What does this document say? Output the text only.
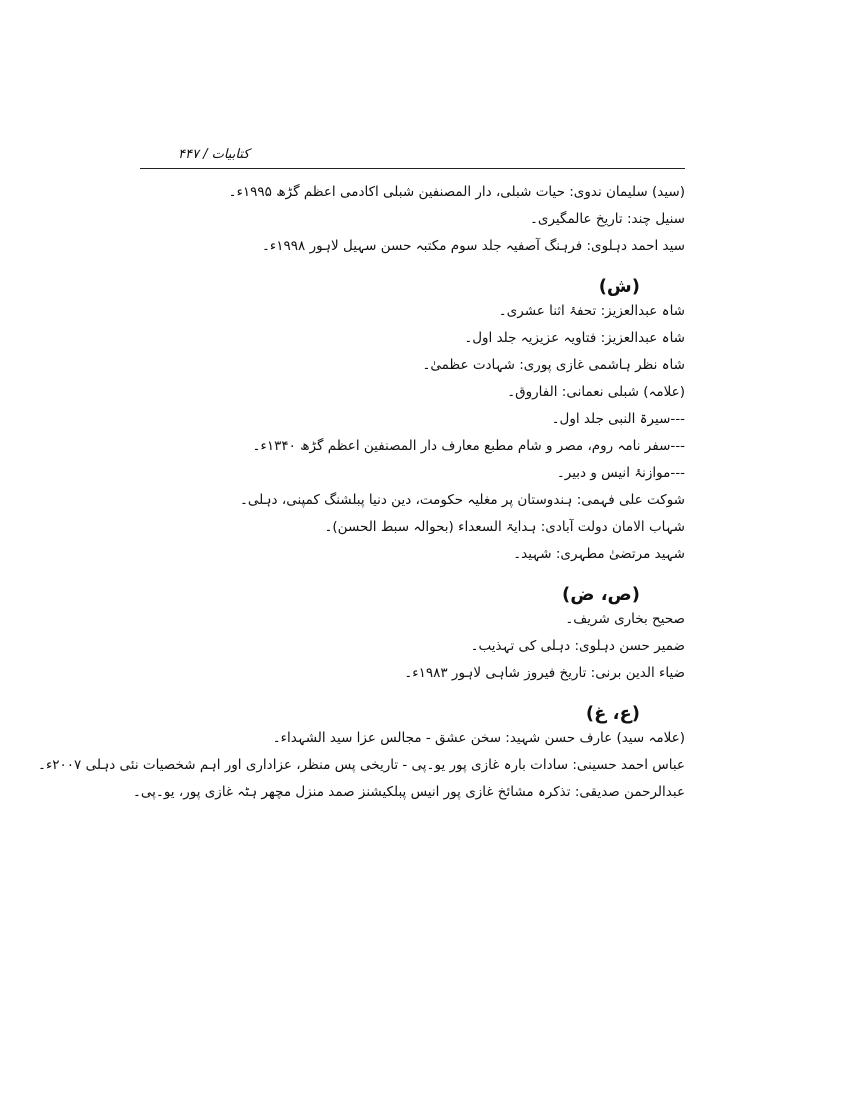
کتابیات / ۴۴۷
(سید) سلیمان ندوی: حیات شبلی، دار المصنفین شبلی اکادمی اعظم گڑھ ۱۹۹۵ء۔
سنیل چند: تاریخ عالمگیری۔
سید احمد دہلوی: فرہنگ آصفیہ جلد سوم مکتبہ حسن سہیل لاہور ۱۹۹۸ء۔
(ش)
شاہ عبدالعزیز: تحفۂ اثنا عشری۔
شاہ عبدالعزیز: فتاویہ عزیزیہ جلد اول۔
شاہ نظر ہاشمی غازی پوری: شہادت عظمیٰ۔
(علامہ) شبلی نعمانی: الفاروق۔
---سیرۃ النبی جلد اول۔
---سفر نامہ روم، مصر و شام مطبع معارف دار المصنفین اعظم گڑھ ۱۳۴۰ء۔
---موازنۂ انیس و دبیر۔
شوکت علی فہمی: ہندوستان پر مغلیہ حکومت، دین دنیا پبلشنگ کمپنی، دہلی۔
شہاب الامان دولت آبادی: ہدایۃ السعداء (بحوالہ سبط الحسن)۔
شہید مرتضیٰ مطہری: شہید۔
(ص، ض)
صحیح بخاری شریف۔
ضمیر حسن دہلوی: دہلی کی تہذیب۔
ضیاء الدین برنی: تاریخ فیروز شاہی لاہور ۱۹۸۳ء۔
(ع، غ)
(علامہ سید) عارف حسن شہید: سخن عشق - مجالس عزا سید الشہداء۔
عباس احمد حسینی: سادات بارہ غازی پور یو۔پی - تاریخی پس منظر، عزاداری اور اہم شخصیات نئی دہلی ۲۰۰۷ء۔
عبدالرحمن صدیقی: تذکرہ مشائخ غازی پور انیس پبلکیشنز صمد منزل مچھر ہٹہ غازی پور، یو۔پی۔
